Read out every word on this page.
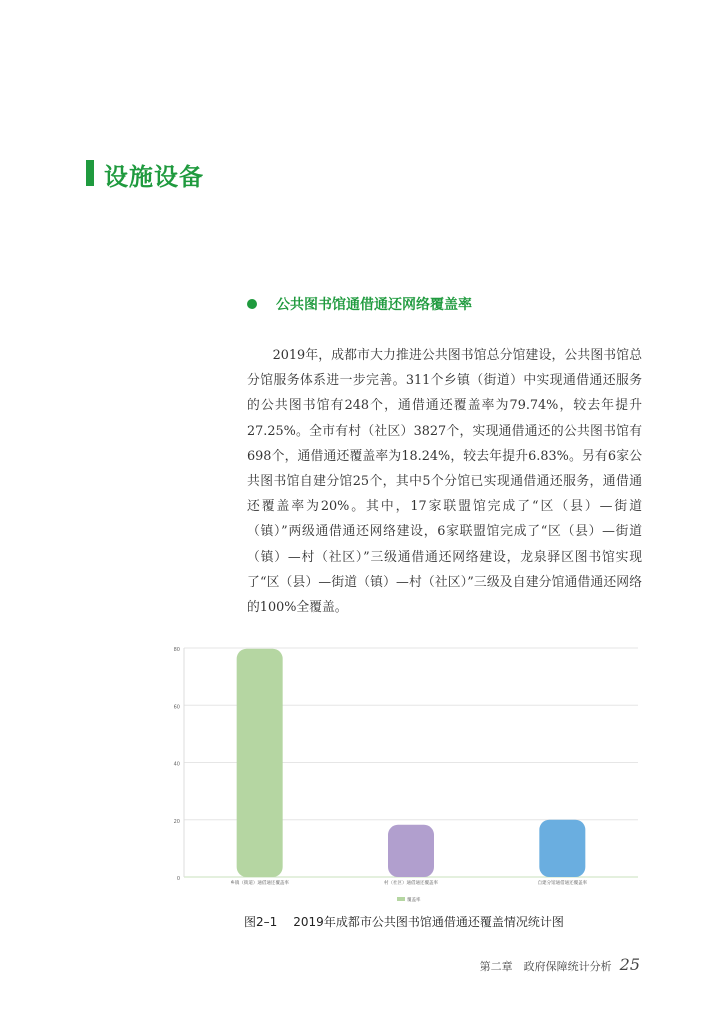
设施设备
公共图书馆通借通还网络覆盖率
2019年，成都市大力推进公共图书馆总分馆建设，公共图书馆总分馆服务体系进一步完善。311个乡镇（街道）中实现通借通还服务的公共图书馆有248个，通借通还覆盖率为79.74%，较去年提升27.25%。全市有村（社区）3827个，实现通借通还的公共图书馆有698个，通借通还覆盖率为18.24%，较去年提升6.83%。另有6家公共图书馆自建分馆25个，其中5个分馆已实现通借通还服务，通借通还覆盖率为20%。其中，17家联盟馆完成了“区（县）—街道（镇）”两级通借通还网络建设，6家联盟馆完成了“区（县）—街道（镇）—村（社区）”三级通借通还网络建设，龙泉驿区图书馆实现了“区（县）—街道（镇）—村（社区）”三级及自建分馆通借通还网络的100%全覆盖。
0
20
40
60
80
乡镇（街道）通借通还覆盖率	村（社区）通借通还覆盖率	自建分馆通借通还覆盖率
覆盖率
图2–1 2019年成都市公共图书馆通借通还覆盖情况统计图
第二章　政府保障统计分析 25
